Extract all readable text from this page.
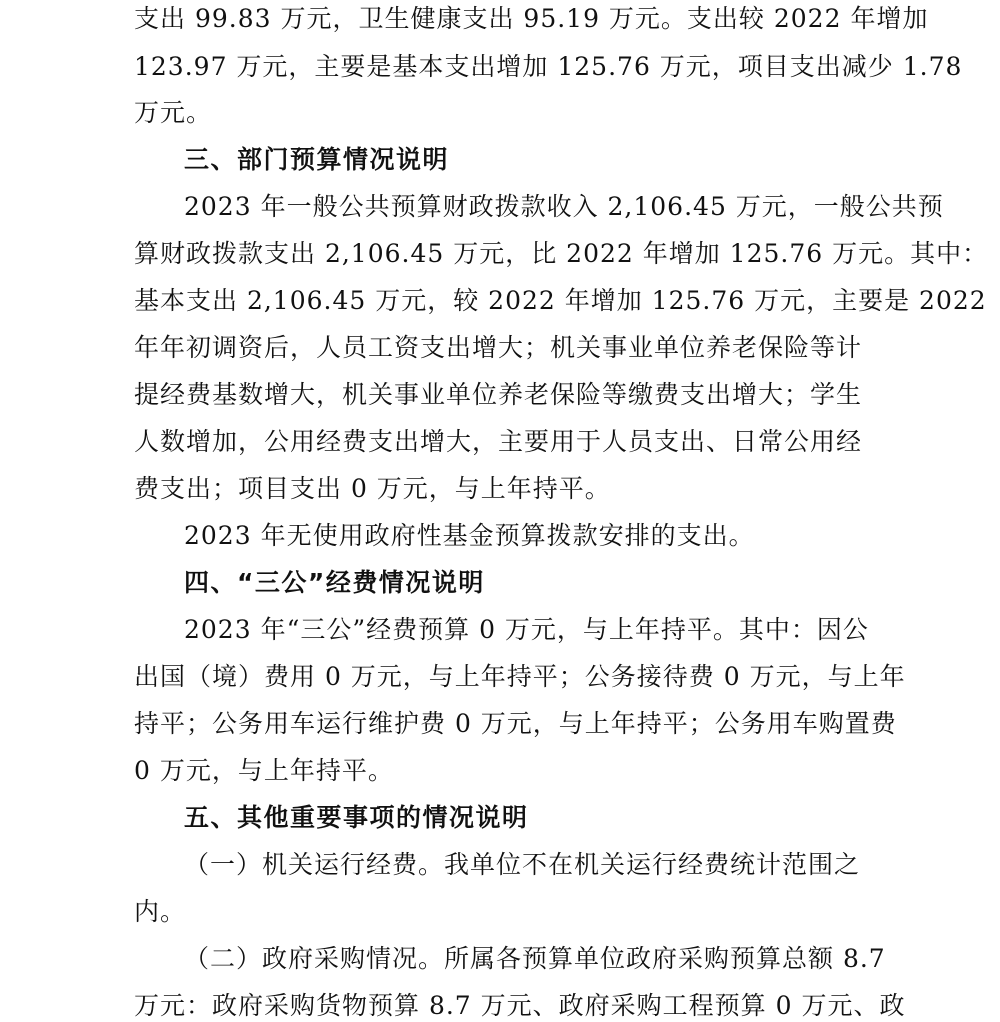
支出 99.83 万元，卫生健康支出 95.19 万元。支出较 2022 年增加
123.97 万元，主要是基本支出增加 125.76 万元，项目支出减少 1.78
万元。
三、部门预算情况说明
2023 年一般公共预算财政拨款收入 2,106.45 万元，一般公共预
算财政拨款支出 2,106.45 万元，比 2022 年增加 125.76 万元。其中：
基本支出 2,106.45 万元，较 2022 年增加 125.76 万元，主要是 2022
年年初调资后，人员工资支出增大；机关事业单位养老保险等计
提经费基数增大，机关事业单位养老保险等缴费支出增大；学生
人数增加，公用经费支出增大，主要用于人员支出、日常公用经
费支出；项目支出 0 万元，与上年持平。
2023 年无使用政府性基金预算拨款安排的支出。
四、“三公”经费情况说明
2023 年“三公”经费预算 0 万元，与上年持平。其中：因公
出国（境）费用 0 万元，与上年持平；公务接待费 0 万元，与上年
持平；公务用车运行维护费 0 万元，与上年持平；公务用车购置费
0 万元，与上年持平。
五、其他重要事项的情况说明
（一）机关运行经费。我单位不在机关运行经费统计范围之
内。
（二）政府采购情况。所属各预算单位政府采购预算总额 8.7
万元：政府采购货物预算 8.7 万元、政府采购工程预算 0 万元、政
